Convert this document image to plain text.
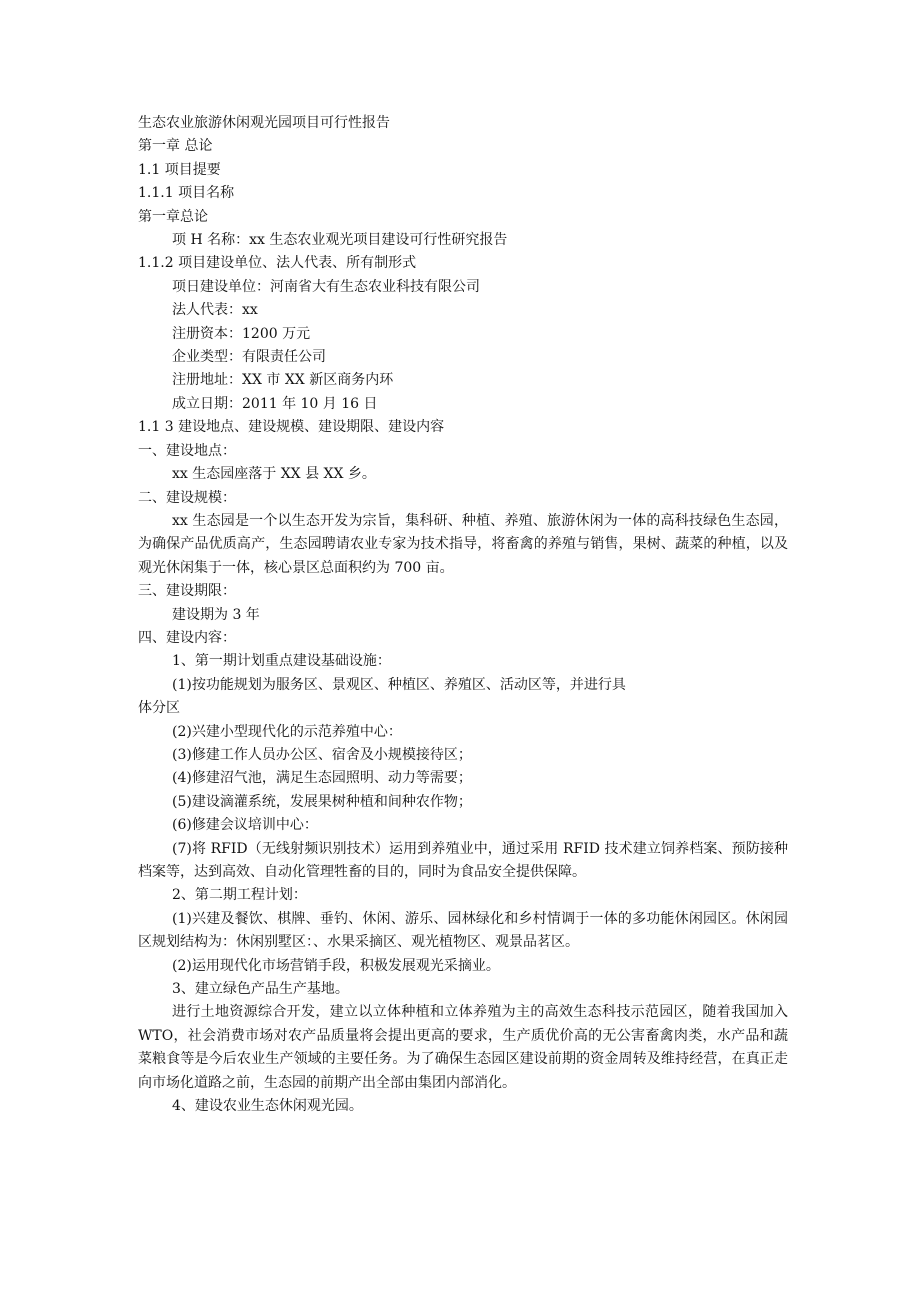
生态农业旅游休闲观光园项目可行性报告
第一章 总论
1.1 项目提要
1.1.1 项目名称
第一章总论
项 H 名称：xx 生态农业观光项目建设可行性研究报告
1.1.2 项目建设单位、法人代表、所有制形式
项日建设单位：河南省大有生态农业科技有限公司
法人代表：xx
注册资本：1200 万元
企业类型：有限责任公司
注册地址：XX 市 XX 新区商务内环
成立日期：2011 年 10 月 16 日
1.1 3 建设地点、建设规模、建设期限、建设内容
一、建设地点：
xx 生态园座落于 XX 县 XX 乡。
二、建设规模：
xx 生态园是一个以生态开发为宗旨，集科研、种植、养殖、旅游休闲为一体的高科技绿色生态园，为确保产品优质高产，生态园聘请农业专家为技术指导，将畜禽的养殖与销售，果树、蔬菜的种植，以及观光休闲集于一体，核心景区总面积约为 700 亩。
三、建设期限：
建设期为 3 年
四、建设内容：
1、第一期计划重点建设基础设施：
(1)按功能规划为服务区、景观区、种植区、养殖区、活动区等，并进行具
体分区
(2)兴建小型现代化的示范养殖中心：
(3)修建工作人员办公区、宿舍及小规模接待区；
(4)修建沼气池，满足生态园照明、动力等需要；
(5)建设滴灌系统，发展果树种植和间种农作物；
(6)修建会议培训中心：
(7)将 RFID（无线射频识别技术）运用到养殖业中，通过采用 RFID 技术建立饲养档案、预防接种档案等，达到高效、自动化管理牲畜的目的，同时为食品安全提供保障。
2、第二期工程计划：
(1)兴建及餐饮、棋牌、垂钓、休闲、游乐、园林绿化和乡村情调于一体的多功能休闲园区。休闲园区规划结构为：休闲别墅区：、水果采摘区、观光植物区、观景品茗区。
(2)运用现代化市场营销手段，积极发展观光采摘业。
3、建立绿色产品生产基地。
进行土地资源综合开发，建立以立体种植和立体养殖为主的高效生态科技示范园区，随着我国加入 WTO，社会消费市场对农产品质量将会提出更高的要求，生产质优价高的无公害畜禽肉类，水产品和蔬菜粮食等是今后农业生产领域的主要任务。为了确保生态园区建设前期的资金周转及维持经营，在真正走向市场化道路之前，生态园的前期产出全部由集团内部消化。
4、建设农业生态休闲观光园。
